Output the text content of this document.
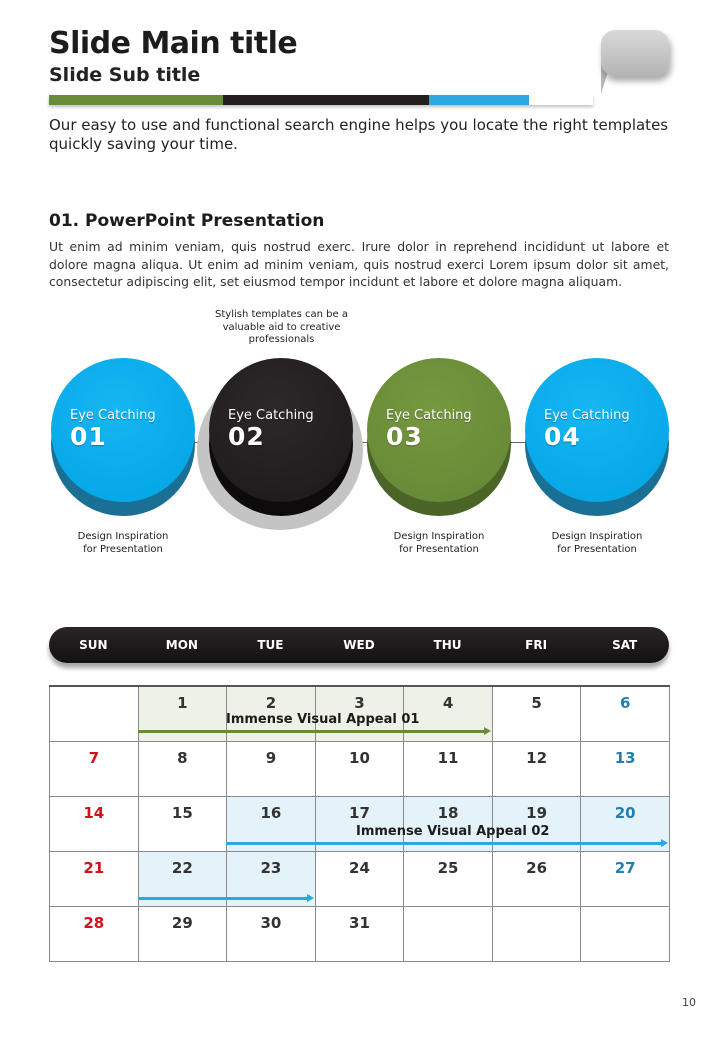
Slide Main title
Slide Sub title

Our easy to use and functional search engine helps you locate the right templates quickly saving your time.

01. PowerPoint Presentation

Ut enim ad minim veniam, quis nostrud exerc. Irure dolor in reprehend incididunt ut labore et dolore magna aliqua. Ut enim ad minim veniam, quis nostrud exerci Lorem ipsum dolor sit amet, consectetur adipiscing elit, set eiusmod tempor incidunt et labore et dolore magna aliquam.

Stylish templates can be a valuable aid to creative professionals
Eye Catching
01
Eye Catching
02
Eye Catching
03
Eye Catching
04
Design Inspiration
for Presentation
Design Inspiration
for Presentation
Design Inspiration
for Presentation
SUN	MON	TUE	WED	THU	FRI	SAT

	1	2	3	4	5	6

7	8	9	10	11	12	13

14	15	16	17	18	19	20

21	22	23	24	25	26	27

28	29	30	31			

Immense Visual Appeal 01
Immense Visual Appeal 02
10
